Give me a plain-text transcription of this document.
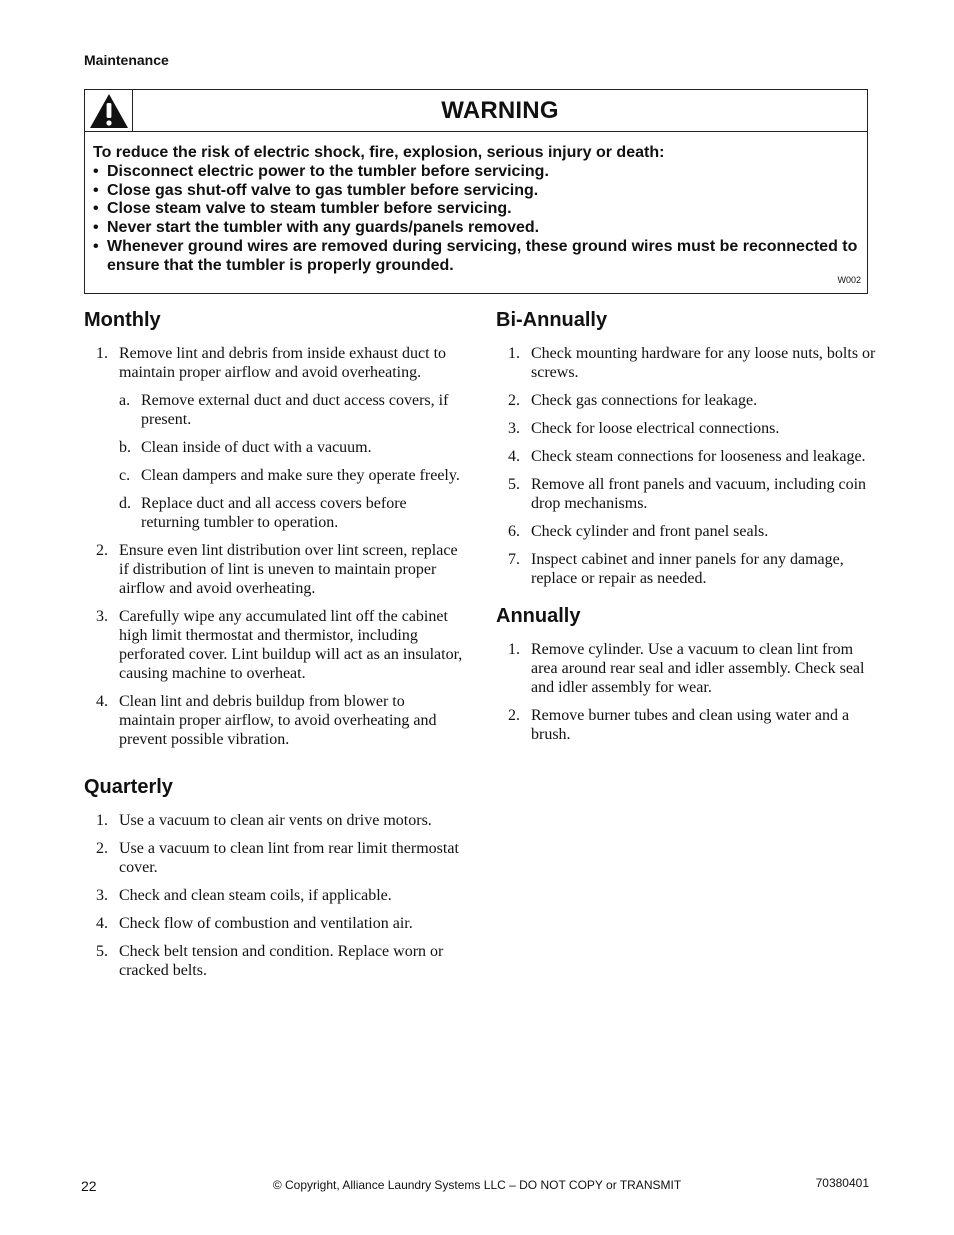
Maintenance
WARNING
To reduce the risk of electric shock, fire, explosion, serious injury or death:
• Disconnect electric power to the tumbler before servicing.
• Close gas shut-off valve to gas tumbler before servicing.
• Close steam valve to steam tumbler before servicing.
• Never start the tumbler with any guards/panels removed.
• Whenever ground wires are removed during servicing, these ground wires must be reconnected to ensure that the tumbler is properly grounded.
W002
Monthly
1. Remove lint and debris from inside exhaust duct to maintain proper airflow and avoid overheating.
a. Remove external duct and duct access covers, if present.
b. Clean inside of duct with a vacuum.
c. Clean dampers and make sure they operate freely.
d. Replace duct and all access covers before returning tumbler to operation.
2. Ensure even lint distribution over lint screen, replace if distribution of lint is uneven to maintain proper airflow and avoid overheating.
3. Carefully wipe any accumulated lint off the cabinet high limit thermostat and thermistor, including perforated cover. Lint buildup will act as an insulator, causing machine to overheat.
4. Clean lint and debris buildup from blower to maintain proper airflow, to avoid overheating and prevent possible vibration.
Quarterly
1. Use a vacuum to clean air vents on drive motors.
2. Use a vacuum to clean lint from rear limit thermostat cover.
3. Check and clean steam coils, if applicable.
4. Check flow of combustion and ventilation air.
5. Check belt tension and condition. Replace worn or cracked belts.
Bi-Annually
1. Check mounting hardware for any loose nuts, bolts or screws.
2. Check gas connections for leakage.
3. Check for loose electrical connections.
4. Check steam connections for looseness and leakage.
5. Remove all front panels and vacuum, including coin drop mechanisms.
6. Check cylinder and front panel seals.
7. Inspect cabinet and inner panels for any damage, replace or repair as needed.
Annually
1. Remove cylinder. Use a vacuum to clean lint from area around rear seal and idler assembly. Check seal and idler assembly for wear.
2. Remove burner tubes and clean using water and a brush.
22	© Copyright, Alliance Laundry Systems LLC – DO NOT COPY or TRANSMIT	70380401
